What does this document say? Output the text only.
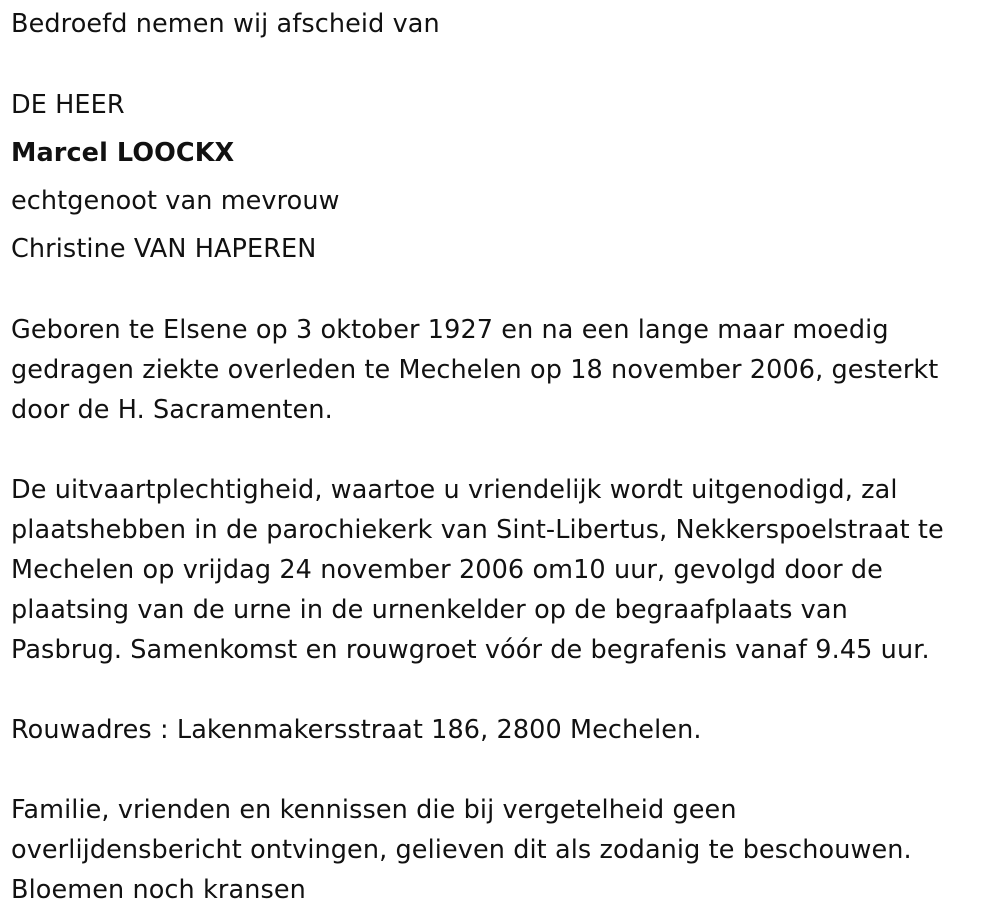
Bedroefd nemen wij afscheid van
DE HEER
Marcel LOOCKX
echtgenoot van mevrouw
Christine VAN HAPEREN
Geboren te Elsene op 3 oktober 1927 en na een lange maar moedig
gedragen ziekte overleden te Mechelen op 18 november 2006, gesterkt
door de H. Sacramenten.
De uitvaartplechtigheid, waartoe u vriendelijk wordt uitgenodigd, zal
plaatshebben in de parochiekerk van Sint-Libertus, Nekkerspoelstraat te
Mechelen op vrijdag 24 november 2006 om10 uur, gevolgd door de
plaatsing van de urne in de urnenkelder op de begraafplaats van
Pasbrug. Samenkomst en rouwgroet vóór de begrafenis vanaf 9.45 uur.
Rouwadres : Lakenmakersstraat 186, 2800 Mechelen.
Familie, vrienden en kennissen die bij vergetelheid geen
overlijdensbericht ontvingen, gelieven dit als zodanig te beschouwen.
Bloemen noch kransen
